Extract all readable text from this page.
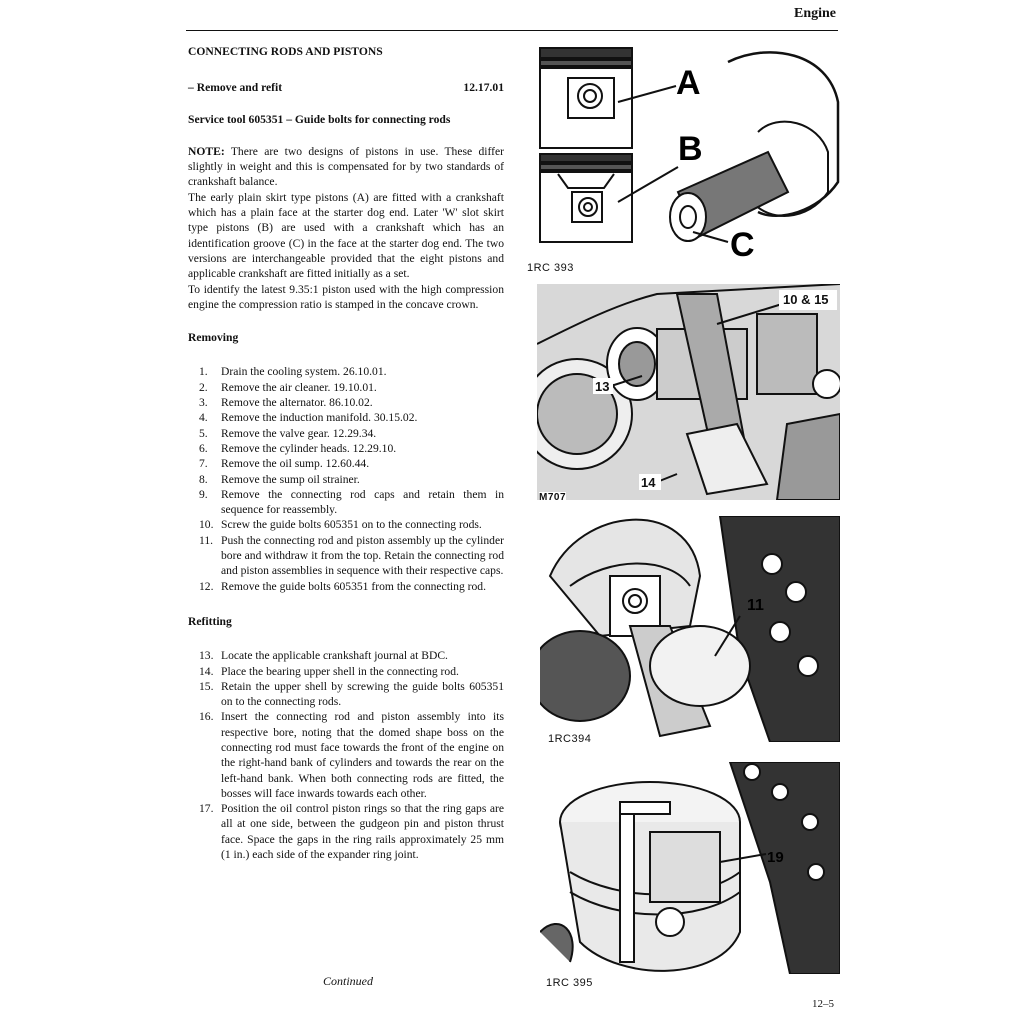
Engine
CONNECTING RODS AND PISTONS
– Remove and refit	12.17.01
Service tool 605351 – Guide bolts for connecting rods

NOTE: There are two designs of pistons in use. These differ slightly in weight and this is compensated for by two standards of crankshaft balance.

The early plain skirt type pistons (A) are fitted with a crankshaft which has a plain face at the starter dog end. Later 'W' slot skirt type pistons (B) are used with a crankshaft which has an identification groove (C) in the face at the starter dog end. The two versions are interchangeable provided that the eight pistons and applicable crankshaft are fitted initially as a set.

To identify the latest 9.35:1 piston used with the high compression engine the compression ratio is stamped in the concave crown.

Removing
1.	Drain the cooling system. 26.10.01.
2.	Remove the air cleaner. 19.10.01.
3.	Remove the alternator. 86.10.02.
4.	Remove the induction manifold. 30.15.02.
5.	Remove the valve gear. 12.29.34.
6.	Remove the cylinder heads. 12.29.10.
7.	Remove the oil sump. 12.60.44.
8.	Remove the sump oil strainer.
9.	Remove the connecting rod caps and retain them in sequence for reassembly.
10. Screw the guide bolts 605351 on to the connecting rods.
11. Push the connecting rod and piston assembly up the cylinder bore and withdraw it from the top. Retain the connecting rod and piston assemblies in sequence with their respective caps.
12. Remove the guide bolts 605351 from the connecting rod.
Refitting
13. Locate the applicable crankshaft journal at BDC.
14. Place the bearing upper shell in the connecting rod.
15. Retain the upper shell by screwing the guide bolts 605351 on to the connecting rods.
16. Insert the connecting rod and piston assembly into its respective bore, noting that the domed shape boss on the connecting rod must face towards the front of the engine on the right-hand bank of cylinders and towards the rear on the left-hand bank. When both connecting rods are fitted, the bosses will face inwards towards each other.
17. Position the oil control piston rings so that the ring gaps are all at one side, between the gudgeon pin and piston thrust face. Space the gaps in the ring rails approximately 25 mm (1 in.) each side of the expander ring joint.
Continued
12–5
A
B
C
1RC 393
10 & 15
13
14
M707
11
1RC394
19
1RC 395
